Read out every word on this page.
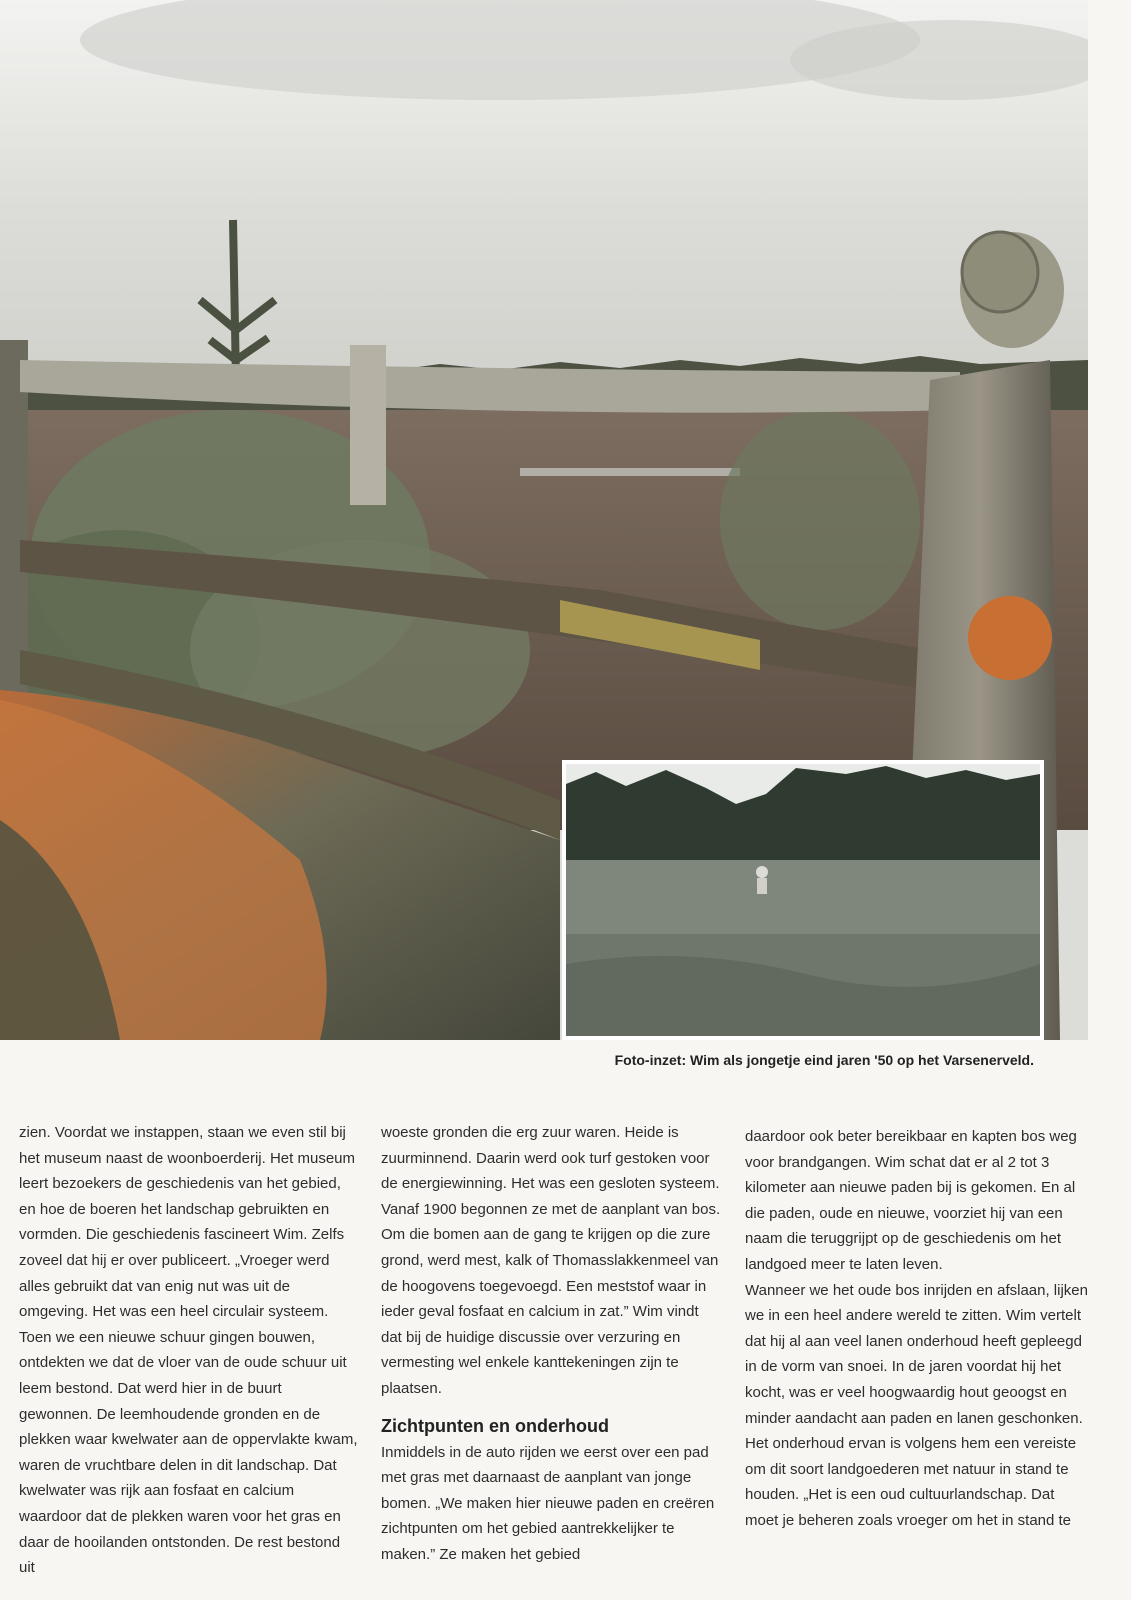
Foto-inzet: Wim als jongetje eind jaren '50 op het Varsenerveld.

zien. Voordat we instappen, staan we even stil bij het museum naast de woonboerderij. Het museum leert bezoekers de geschiedenis van het gebied, en hoe de boeren het landschap gebruikten en vormden. Die geschiedenis fascineert Wim. Zelfs zoveel dat hij er over publiceert. „Vroeger werd alles gebruikt dat van enig nut was uit de omgeving. Het was een heel circulair systeem. Toen we een nieuwe schuur gingen bouwen, ontdekten we dat de vloer van de oude schuur uit leem bestond. Dat werd hier in de buurt gewonnen. De leemhoudende gronden en de plekken waar kwelwater aan de oppervlakte kwam, waren de vruchtbare delen in dit landschap. Dat kwelwater was rijk aan fosfaat en calcium waardoor dat de plekken waren voor het gras en daar de hooilanden ontstonden. De rest bestond uit

woeste gronden die erg zuur waren. Heide is zuurminnend. Daarin werd ook turf gestoken voor de energiewinning. Het was een gesloten systeem. Vanaf 1900 begonnen ze met de aanplant van bos. Om die bomen aan de gang te krijgen op die zure grond, werd mest, kalk of Thomasslakkenmeel van de hoogovens toegevoegd. Een meststof waar in ieder geval fosfaat en calcium in zat.” Wim vindt dat bij de huidige discussie over verzuring en vermesting wel enkele kanttekeningen zijn te plaatsen.

Zichtpunten en onderhoud

Inmiddels in de auto rijden we eerst over een pad met gras met daarnaast de aanplant van jonge bomen. „We maken hier nieuwe paden en creëren zichtpunten om het gebied aantrekkelijker te maken.” Ze maken het gebied

daardoor ook beter bereikbaar en kapten bos weg voor brandgangen. Wim schat dat er al 2 tot 3 kilometer aan nieuwe paden bij is gekomen. En al die paden, oude en nieuwe, voorziet hij van een naam die teruggrijpt op de geschiedenis om het landgoed meer te laten leven.

Wanneer we het oude bos inrijden en afslaan, lijken we in een heel andere wereld te zitten. Wim vertelt dat hij al aan veel lanen onderhoud heeft gepleegd in de vorm van snoei. In de jaren voordat hij het kocht, was er veel hoogwaardig hout geoogst en minder aandacht aan paden en lanen geschonken. Het onderhoud ervan is volgens hem een vereiste om dit soort landgoederen met natuur in stand te houden. „Het is een oud cultuurlandschap. Dat moet je beheren zoals vroeger om het in stand te
